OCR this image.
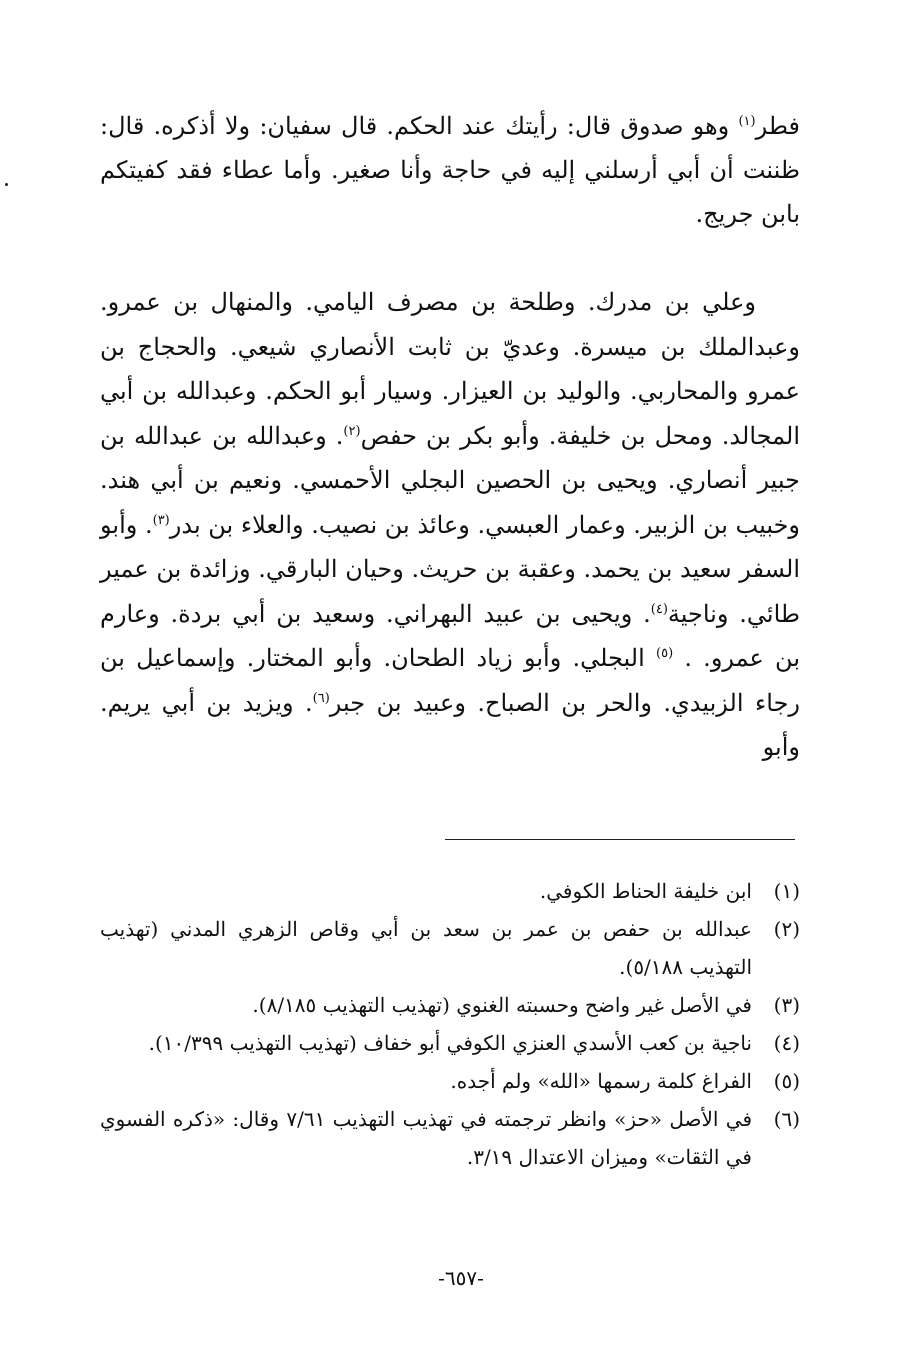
فطر$^{(١)}$ وهو صدوق قال: رأيتك عند الحكم. قال سفيان: ولا أذكره. قال: ظننت أن أبي أرسلني إليه في حاجة وأنا صغير. وأما عطاء فقد كفيتكم بابن جريج.

وعلي بن مدرك. وطلحة بن مصرف اليامي. والمنهال بن عمرو. وعبدالملك بن ميسرة. وعديّ بن ثابت الأنصاري شيعي. والحجاج بن عمرو والمحاربي. والوليد بن العيزار. وسيار أبو الحكم. وعبدالله بن أبي المجالد. ومحل بن خليفة. وأبو بكر بن حفص$^{(٢)}$. وعبدالله بن عبدالله بن جبير أنصاري. ويحيى بن الحصين البجلي الأحمسي. ونعيم بن أبي هند. وخبيب بن الزبير. وعمار العبسي. وعائذ بن نصيب. والعلاء بن بدر$^{(٣)}$. وأبو السفر سعيد بن يحمد. وعقبة بن حريث. وحيان البارقي. وزائدة بن عمير طائي. وناجية$^{(٤)}$. ويحيى بن عبيد البهراني. وسعيد بن أبي بردة. وعارم بن عمرو. . $^{(٥)}$ البجلي. وأبو زياد الطحان. وأبو المختار. وإسماعيل بن رجاء الزبيدي. والحر بن الصباح. وعبيد بن جبر$^{(٦)}$. ويزيد بن أبي يريم. وأبو

(١)
ابن خليفة الحناط الكوفي.
(٢)
عبدالله بن حفص بن عمر بن سعد بن أبي وقاص الزهري المدني (تهذيب التهذيب ٥/١٨٨).
(٣)
في الأصل غير واضح وحسبته الغنوي (تهذيب التهذيب ٨/١٨٥).
(٤)
ناجية بن كعب الأسدي العنزي الكوفي أبو خفاف (تهذيب التهذيب ١٠/٣٩٩).
(٥)
الفراغ كلمة رسمها «الله» ولم أجده.
(٦)
في الأصل «حز» وانظر ترجمته في تهذيب التهذيب ٧/٦١ وقال: «ذكره الفسوي في الثقات» وميزان الاعتدال ٣/١٩.
-٦٥٧-
